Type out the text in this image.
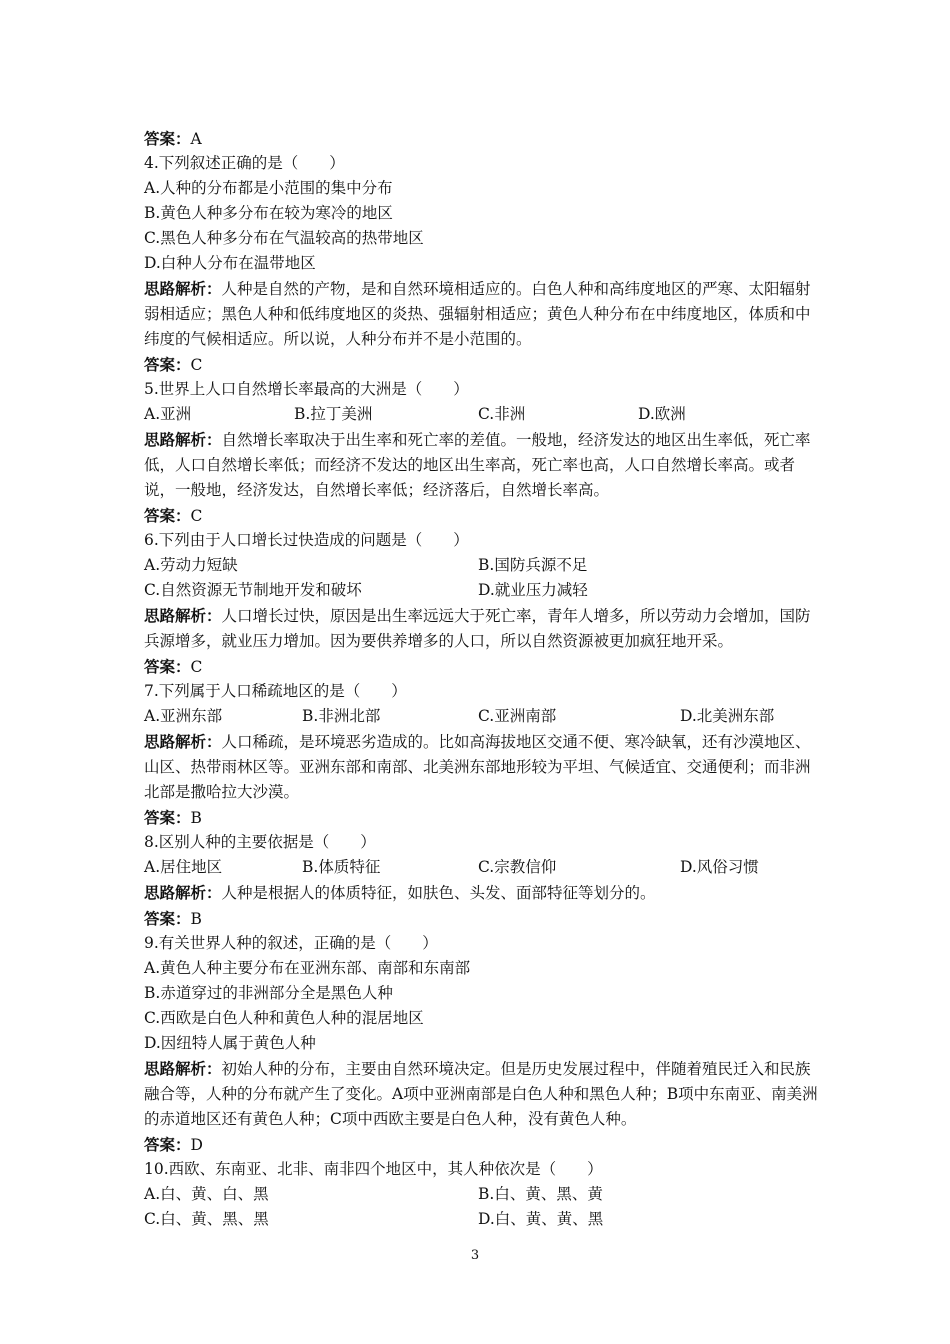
答案：A
4.下列叙述正确的是（　　）
A.人种的分布都是小范围的集中分布
B.黄色人种多分布在较为寒冷的地区
C.黑色人种多分布在气温较高的热带地区
D.白种人分布在温带地区
思路解析：人种是自然的产物，是和自然环境相适应的。白色人种和高纬度地区的严寒、太阳辐射弱相适应；黑色人种和低纬度地区的炎热、强辐射相适应；黄色人种分布在中纬度地区，体质和中纬度的气候相适应。所以说，人种分布并不是小范围的。
答案：C
5.世界上人口自然增长率最高的大洲是（　　）
A.亚洲	B.拉丁美洲	C.非洲	D.欧洲
思路解析：自然增长率取决于出生率和死亡率的差值。一般地，经济发达的地区出生率低，死亡率低，人口自然增长率低；而经济不发达的地区出生率高，死亡率也高，人口自然增长率高。或者说，一般地，经济发达，自然增长率低；经济落后，自然增长率高。
答案：C
6.下列由于人口增长过快造成的问题是（　　）
A.劳动力短缺	B.国防兵源不足
C.自然资源无节制地开发和破坏	D.就业压力减轻
思路解析：人口增长过快，原因是出生率远远大于死亡率，青年人增多，所以劳动力会增加，国防兵源增多，就业压力增加。因为要供养增多的人口，所以自然资源被更加疯狂地开采。
答案：C
7.下列属于人口稀疏地区的是（　　）
A.亚洲东部	B.非洲北部	C.亚洲南部	D.北美洲东部
思路解析：人口稀疏，是环境恶劣造成的。比如高海拔地区交通不便、寒冷缺氧，还有沙漠地区、山区、热带雨林区等。亚洲东部和南部、北美洲东部地形较为平坦、气候适宜、交通便利；而非洲北部是撒哈拉大沙漠。
答案：B
8.区别人种的主要依据是（　　）
A.居住地区	B.体质特征	C.宗教信仰	D.风俗习惯
思路解析：人种是根据人的体质特征，如肤色、头发、面部特征等划分的。
答案：B
9.有关世界人种的叙述，正确的是（　　）
A.黄色人种主要分布在亚洲东部、南部和东南部
B.赤道穿过的非洲部分全是黑色人种
C.西欧是白色人种和黄色人种的混居地区
D.因纽特人属于黄色人种
思路解析：初始人种的分布，主要由自然环境决定。但是历史发展过程中，伴随着殖民迁入和民族融合等，人种的分布就产生了变化。A项中亚洲南部是白色人种和黑色人种；B项中东南亚、南美洲的赤道地区还有黄色人种；C项中西欧主要是白色人种，没有黄色人种。
答案：D
10.西欧、东南亚、北非、南非四个地区中，其人种依次是（　　）
A.白、黄、白、黑	B.白、黄、黑、黄
C.白、黄、黑、黑	D.白、黄、黄、黑
3
